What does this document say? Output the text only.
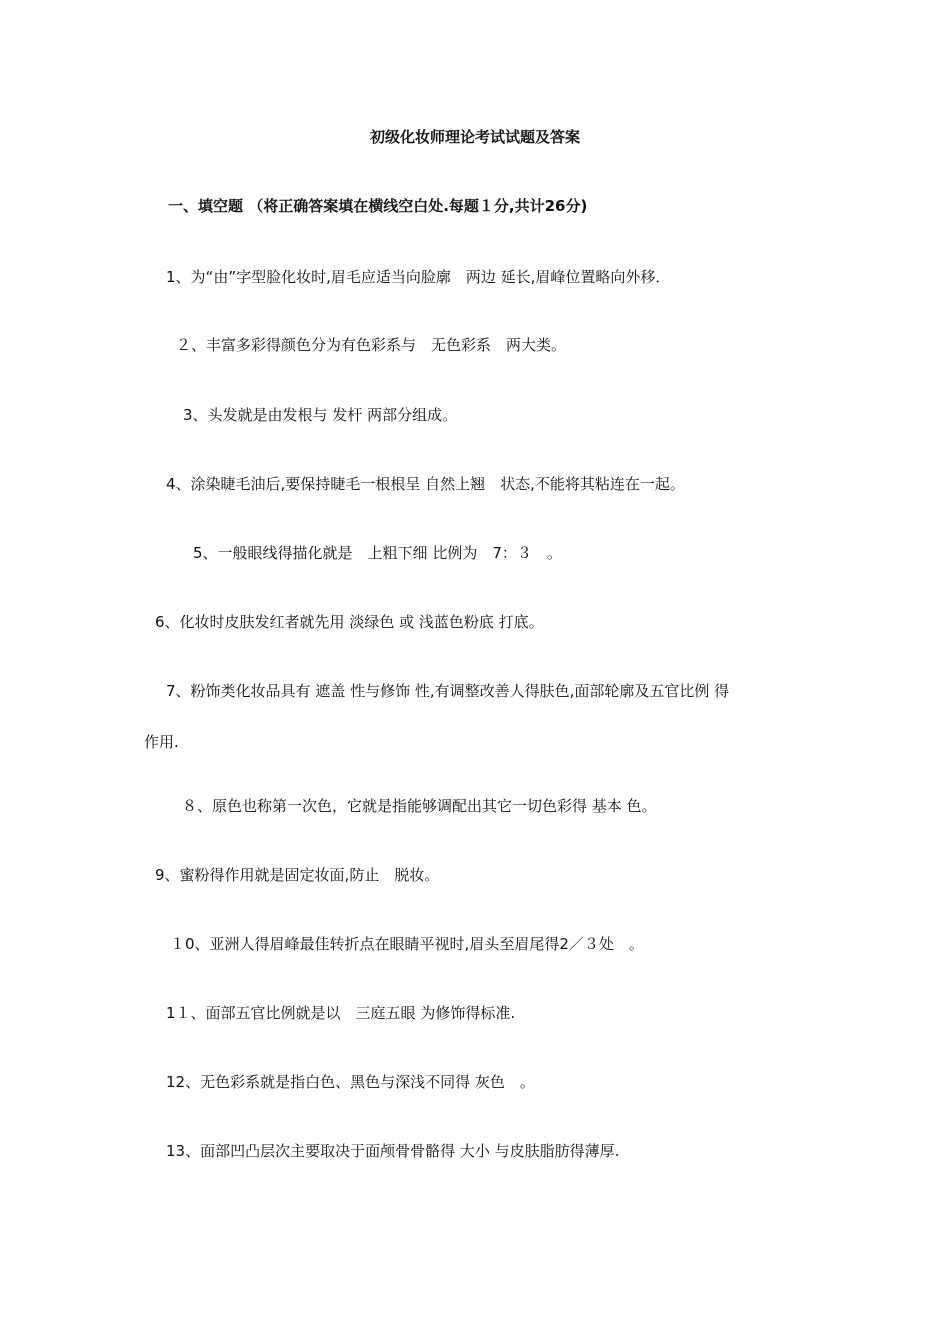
初级化妆师理论考试试题及答案
一、填空题 （将正确答案填在横线空白处.每题１分,共计26分)
1、为“由”字型脸化妆时,眉毛应适当向脸廓　两边 延长,眉峰位置略向外移．
２、丰富多彩得颜色分为有色彩系与　无色彩系　两大类。
3、头发就是由发根与 发杆 两部分组成。
4、涂染睫毛油后,要保持睫毛一根根呈 自然上翘　状态,不能将其粘连在一起。
5、一般眼线得描化就是　上粗下细 比例为　7：３　。
6、化妆时皮肤发红者就先用 淡绿色 或 浅蓝色粉底 打底。
7、粉饰类化妆品具有 遮盖 性与修饰 性,有调整改善人得肤色,面部轮廓及五官比例 得
作用.
８、原色也称第一次色，它就是指能够调配出其它一切色彩得 基本 色。
9、蜜粉得作用就是固定妆面,防止　脱妆。
１0、亚洲人得眉峰最佳转折点在眼睛平视时,眉头至眉尾得2／３处　。
1１、面部五官比例就是以　三庭五眼 为修饰得标准.
12、无色彩系就是指白色、黑色与深浅不同得 灰色　。
13、面部凹凸层次主要取决于面颅骨骨骼得 大小 与皮肤脂肪得薄厚.
